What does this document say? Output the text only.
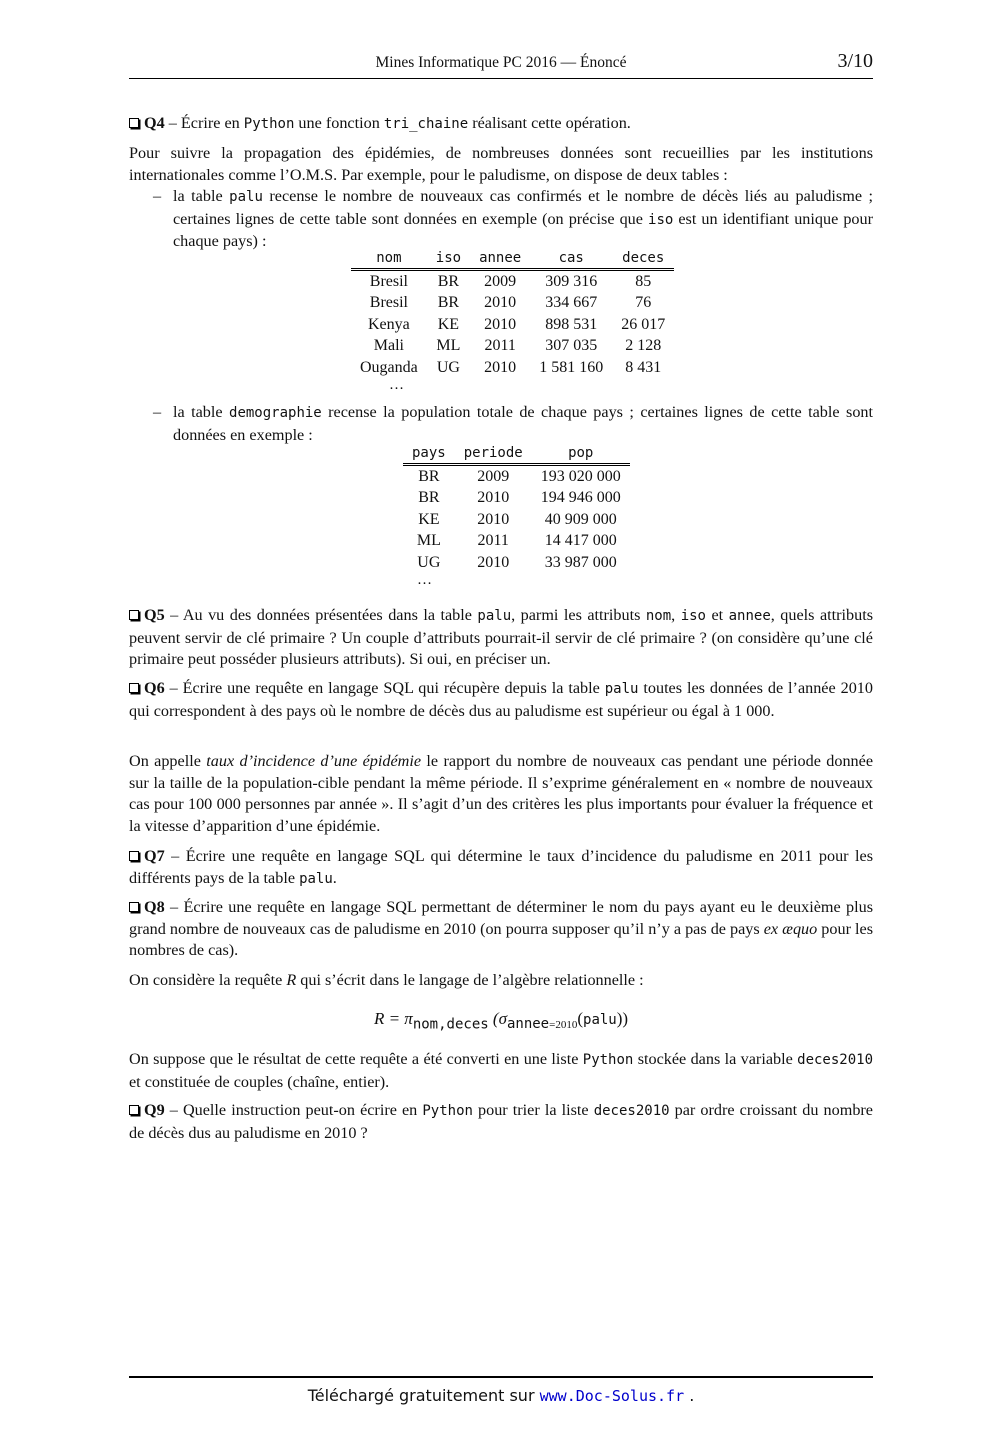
Mines Informatique PC 2016 — Énoncé	3/10

Q4 – Écrire en Python une fonction tri_chaine réalisant cette opération.

Pour suivre la propagation des épidémies, de nombreuses données sont recueillies par les institutions internationales comme l’O.M.S. Par exemple, pour le paludisme, on dispose de deux tables :

– la table palu recense le nombre de nouveaux cas confirmés et le nombre de décès liés au paludisme ; certaines lignes de cette table sont données en exemple (on précise que iso est un identifiant unique pour chaque pays) :

nom	iso	annee	cas	deces
Bresil	BR	2009	309 316	85
Bresil	BR	2010	334 667	76
Kenya	KE	2010	898 531	26 017
Mali	ML	2011	307 035	2 128
Ouganda	UG	2010	1 581 160	8 431
…
– la table demographie recense la population totale de chaque pays ; certaines lignes de cette table sont données en exemple :

pays	periode	pop
BR	2009	193 020 000
BR	2010	194 946 000
KE	2010	40 909 000
ML	2011	14 417 000
UG	2010	33 987 000
…

Q5 – Au vu des données présentées dans la table palu, parmi les attributs nom, iso et annee, quels attributs peuvent servir de clé primaire ? Un couple d’attributs pourrait-il servir de clé primaire ? (on considère qu’une clé primaire peut posséder plusieurs attributs). Si oui, en préciser un.

Q6 – Écrire une requête en langage SQL qui récupère depuis la table palu toutes les données de l’année 2010 qui correspondent à des pays où le nombre de décès dus au paludisme est supérieur ou égal à 1 000.

On appelle taux d’incidence d’une épidémie le rapport du nombre de nouveaux cas pendant une période donnée sur la taille de la population-cible pendant la même période. Il s’exprime généralement en « nombre de nouveaux cas pour 100 000 personnes par année ». Il s’agit d’un des critères les plus importants pour évaluer la fréquence et la vitesse d’apparition d’une épidémie.

Q7 – Écrire une requête en langage SQL qui détermine le taux d’incidence du paludisme en 2011 pour les différents pays de la table palu.

Q8 – Écrire une requête en langage SQL permettant de déterminer le nom du pays ayant eu le deuxième plus grand nombre de nouveaux cas de paludisme en 2010 (on pourra supposer qu’il n’y a pas de pays ex æquo pour les nombres de cas).

On considère la requête R qui s’écrit dans le langage de l’algèbre relationnelle :

$R = \pi_{nom,deces}$ $(\sigma_{annee=2010}(palu))$

On suppose que le résultat de cette requête a été converti en une liste Python stockée dans la variable deces2010 et constituée de couples (chaîne, entier).

Q9 – Quelle instruction peut-on écrire en Python pour trier la liste deces2010 par ordre croissant du nombre de décès dus au paludisme en 2010 ?

Téléchargé gratuitement sur www.Doc-Solus.fr .
